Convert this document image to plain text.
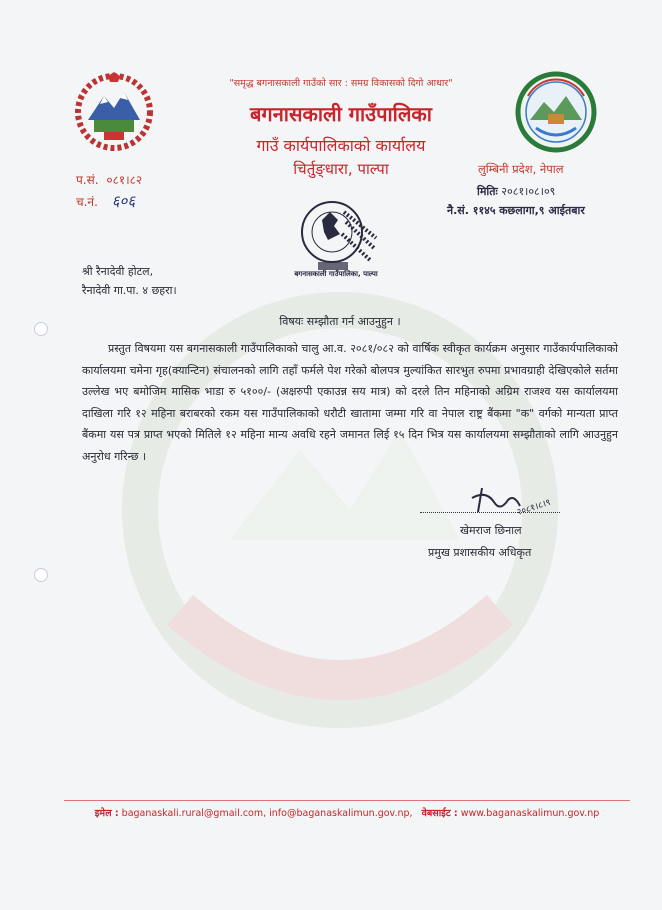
"समृद्ध बगनासकाली गाउँको सार : समग्र विकासको दिगो आधार"
बगनासकाली गाउँपालिका
गाउँ कार्यपालिकाको कार्यालय
चिर्तुङ्धारा, पाल्पा
प.सं. ०८१।८२
च.नं. ६०६
लुम्बिनी प्रदेश, नेपाल
मितिः २०८१।०८।०९
नै.सं. ११४५ कछलागा,९ आईतबार
बगनासकाली गाउँपालिका, पाल्पा
श्री रैनादेवी होटल,
रैनादेवी गा.पा. ४ छहरा।
विषयः सम्झौता गर्न आउनुहुन ।
प्रस्तुत विषयमा यस बगनासकाली गाउँपालिकाको चालु आ.व. २०८१/०८२ को वार्षिक स्वीकृत कार्यक्रम अनुसार गाउँकार्यपालिकाको कार्यालयमा चमेना गृह(क्यान्टिन) संचालनको लागि तहाँ फर्मले पेश गरेको बोलपत्र मुल्यांकित सारभुत रुपमा प्रभावग्राही देखिएकोले सर्तमा उल्लेख भए बमोजिम मासिक भाडा रु ५१००/- (अक्षरुपी एकाउन्न सय मात्र) को दरले तिन महिनाको अग्रिम राजश्व यस कार्यालयमा दाखिला गरि १२ महिना बराबरको रकम यस गाउँपालिकाको धरौटी खातामा जम्मा गरि वा नेपाल राष्ट्र बैंकमा "क" वर्गको मान्यता प्राप्त बैंकमा यस पत्र प्राप्त भएको मितिले १२ महिना मान्य अवधि रहने जमानत लिई १५ दिन भित्र यस कार्यालयमा सम्झौताको लागि आउनुहुन अनुरोध गरिन्छ ।
२०८१।८।९
खेमराज छिनाल
प्रमुख प्रशासकीय अधिकृत
इमेल : baganaskali.rural@gmail.com, info@baganaskalimun.gov.np, वेबसाईट : www.baganaskalimun.gov.np
